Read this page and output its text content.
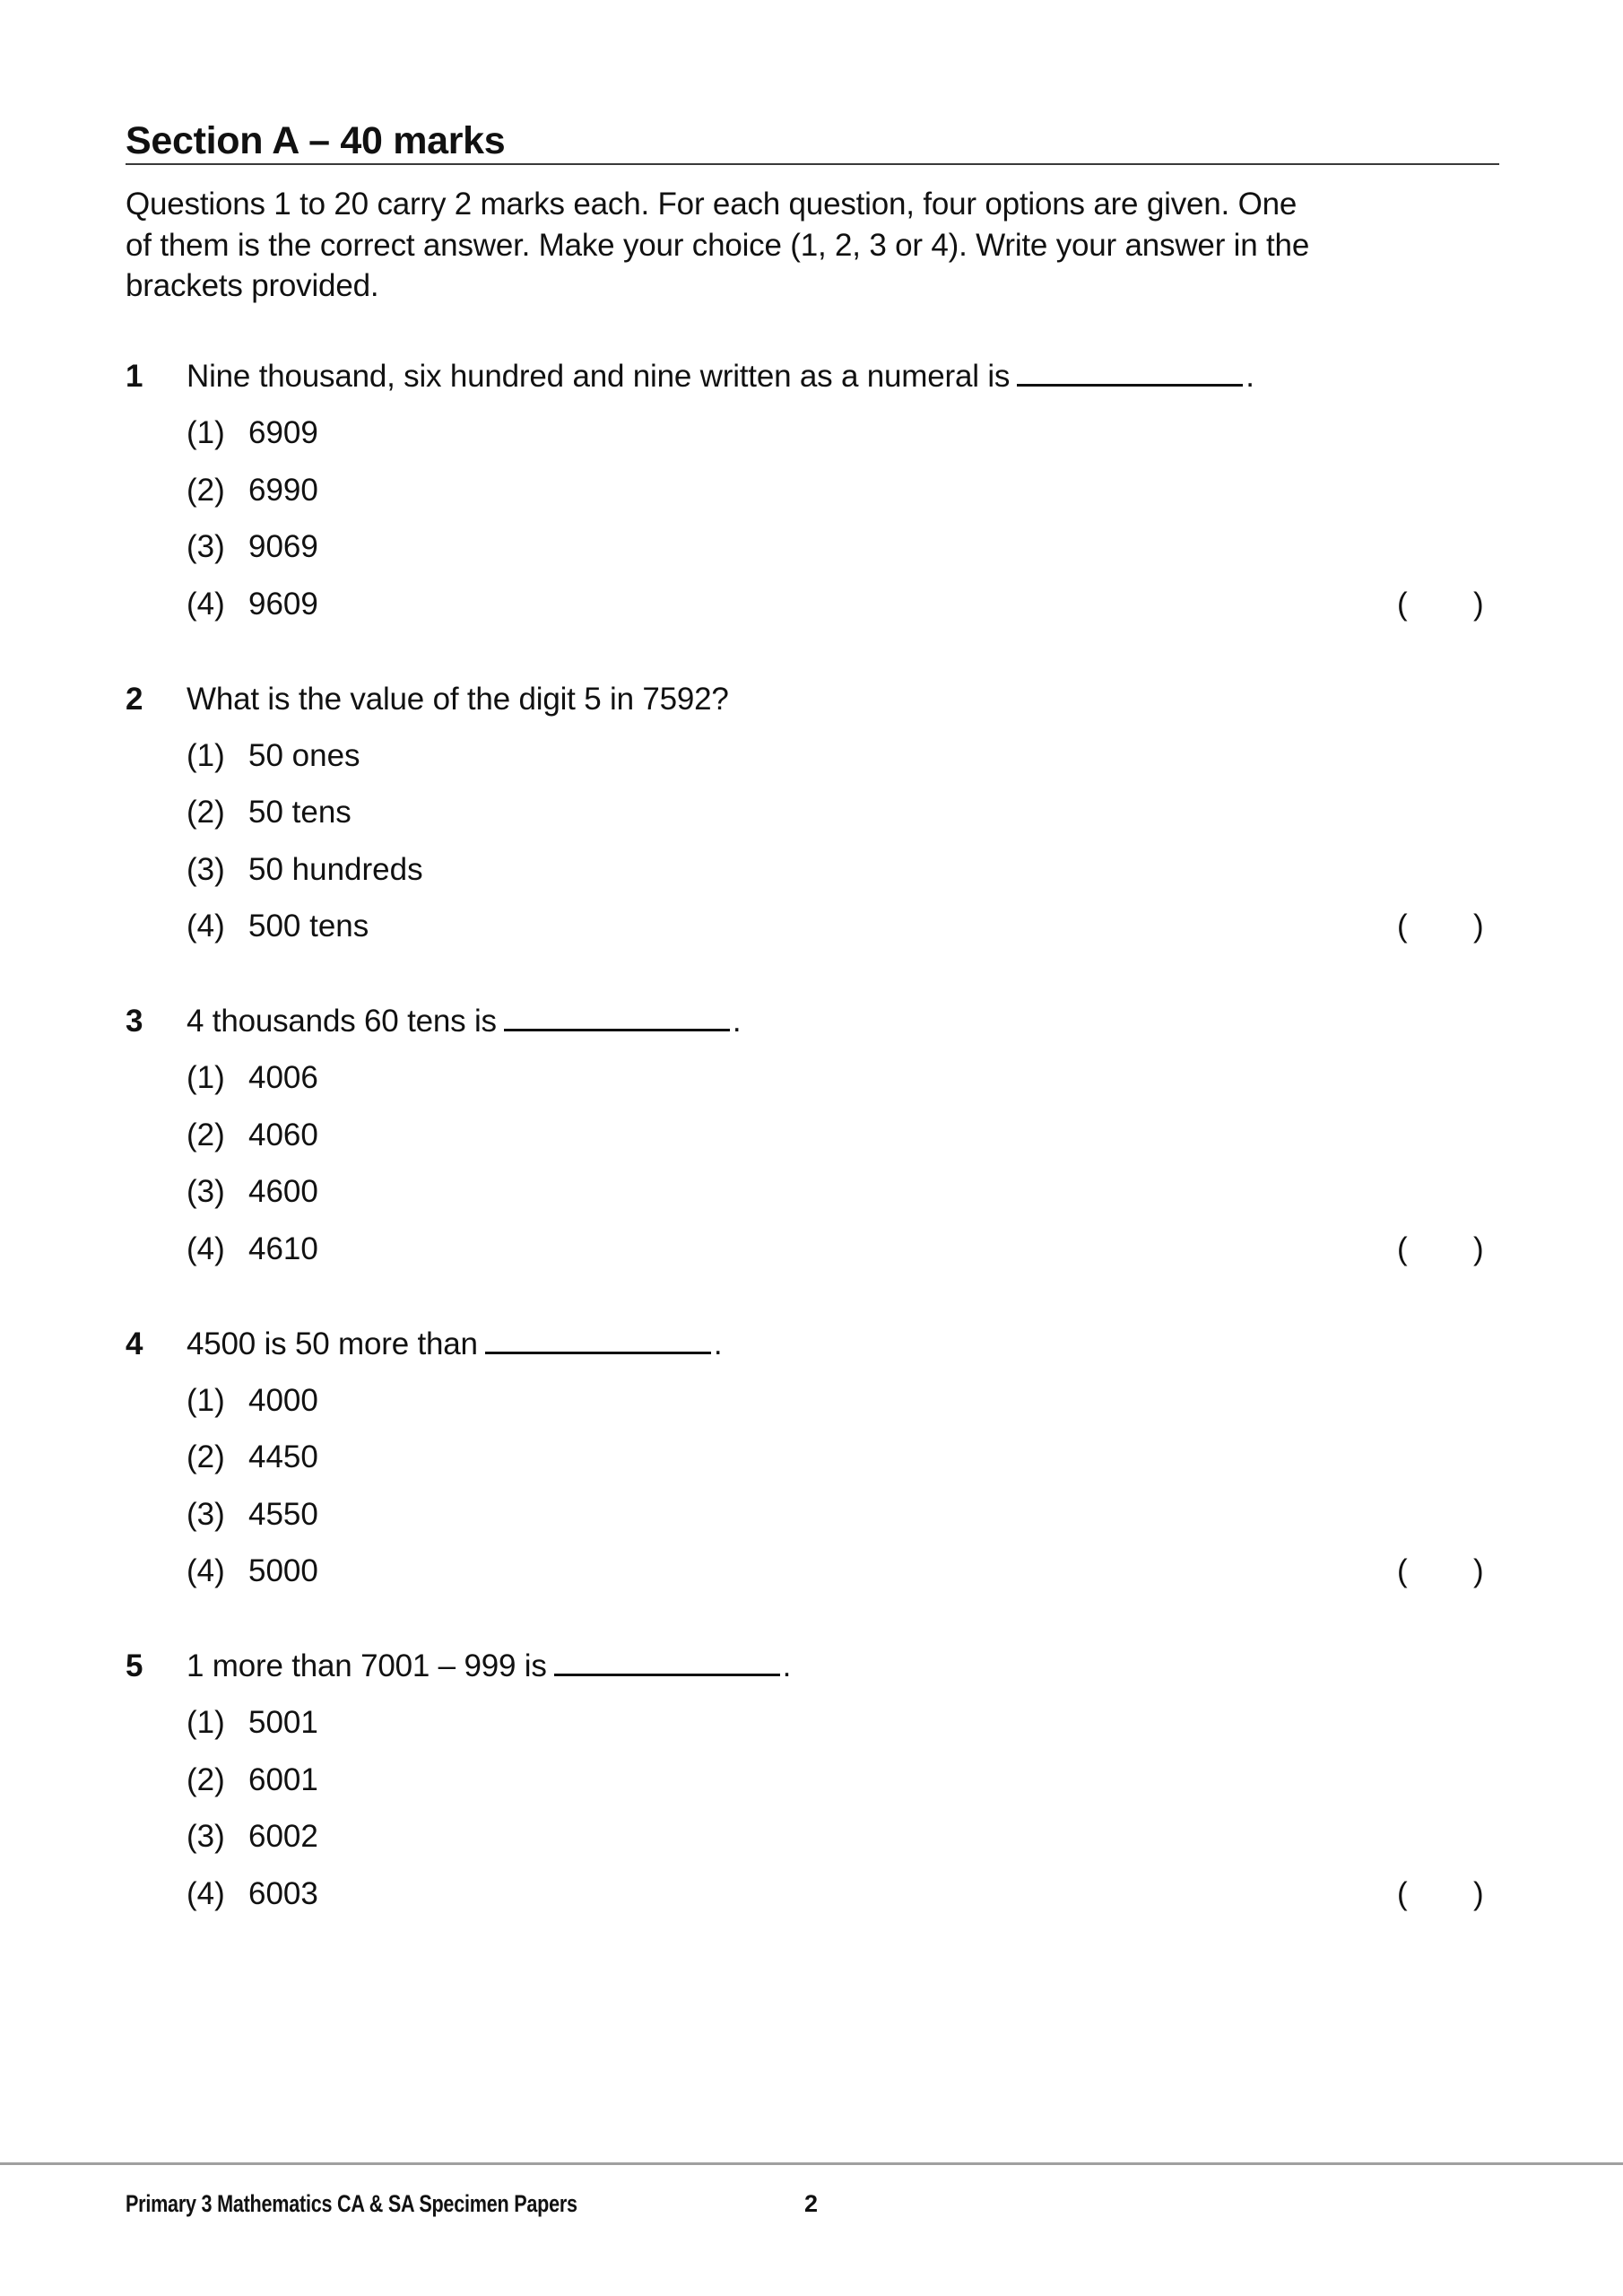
Section A – 40 marks
Questions 1 to 20 carry 2 marks each. For each question, four options are given. One
of them is the correct answer. Make your choice (1, 2, 3 or 4). Write your answer in the
brackets provided.
1 Nine thousand, six hundred and nine written as a numeral is	.
(1) 6909
(2) 6990
(3) 9069
(4) 9609	( )
2 What is the value of the digit 5 in 7592?
(1) 50 ones
(2) 50 tens
(3) 50 hundreds
(4) 500 tens	( )
3 4 thousands 60 tens is	.
(1) 4006
(2) 4060
(3) 4600
(4) 4610	( )
4 4500 is 50 more than	.
(1) 4000
(2) 4450
(3) 4550
(4) 5000	( )
5 1 more than 7001 – 999 is	.
(1) 5001
(2) 6001
(3) 6002
(4) 6003	( )
Primary 3 Mathematics CA & SA Specimen Papers	2
